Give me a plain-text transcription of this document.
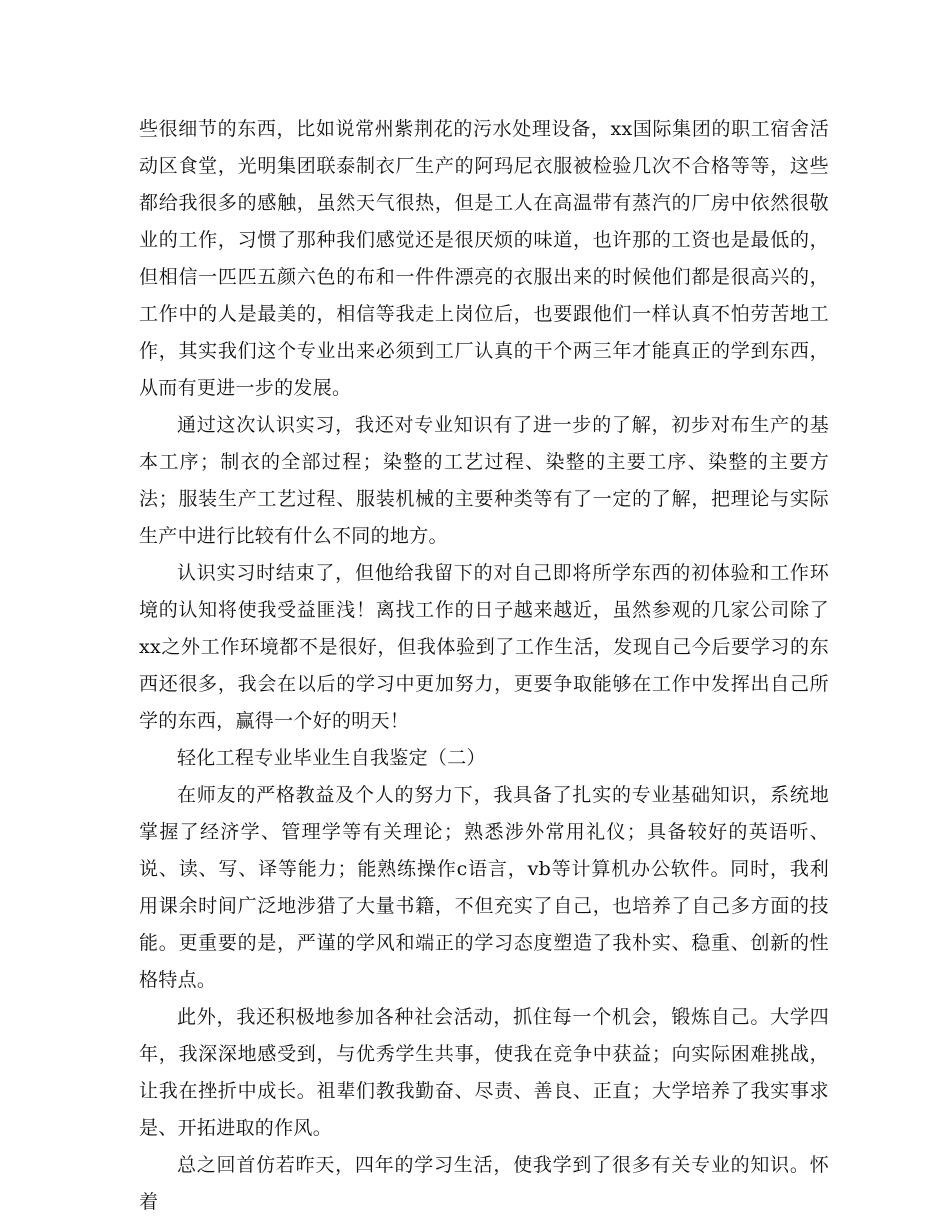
些很细节的东西，比如说常州紫荆花的污水处理设备，xx国际集团的职工宿舍活动区食堂，光明集团联泰制衣厂生产的阿玛尼衣服被检验几次不合格等等，这些都给我很多的感触，虽然天气很热，但是工人在高温带有蒸汽的厂房中依然很敬业的工作，习惯了那种我们感觉还是很厌烦的味道，也许那的工资也是最低的，但相信一匹匹五颜六色的布和一件件漂亮的衣服出来的时候他们都是很高兴的，工作中的人是最美的，相信等我走上岗位后，也要跟他们一样认真不怕劳苦地工作，其实我们这个专业出来必须到工厂认真的干个两三年才能真正的学到东西，从而有更进一步的发展。

通过这次认识实习，我还对专业知识有了进一步的了解，初步对布生产的基本工序；制衣的全部过程；染整的工艺过程、染整的主要工序、染整的主要方法；服装生产工艺过程、服装机械的主要种类等有了一定的了解，把理论与实际生产中进行比较有什么不同的地方。

认识实习时结束了，但他给我留下的对自己即将所学东西的初体验和工作环境的认知将使我受益匪浅！离找工作的日子越来越近，虽然参观的几家公司除了xx之外工作环境都不是很好，但我体验到了工作生活，发现自己今后要学习的东西还很多，我会在以后的学习中更加努力，更要争取能够在工作中发挥出自己所学的东西，赢得一个好的明天！

轻化工程专业毕业生自我鉴定（二）

在师友的严格教益及个人的努力下，我具备了扎实的专业基础知识，系统地掌握了经济学、管理学等有关理论；熟悉涉外常用礼仪；具备较好的英语听、说、读、写、译等能力；能熟练操作c语言，vb等计算机办公软件。同时，我利用课余时间广泛地涉猎了大量书籍，不但充实了自己，也培养了自己多方面的技能。更重要的是，严谨的学风和端正的学习态度塑造了我朴实、稳重、创新的性格特点。

此外，我还积极地参加各种社会活动，抓住每一个机会，锻炼自己。大学四年，我深深地感受到，与优秀学生共事，使我在竞争中获益；向实际困难挑战，让我在挫折中成长。祖辈们教我勤奋、尽责、善良、正直；大学培养了我实事求是、开拓进取的作风。

总之回首仿若昨天，四年的学习生活，使我学到了很多有关专业的知识。怀着
